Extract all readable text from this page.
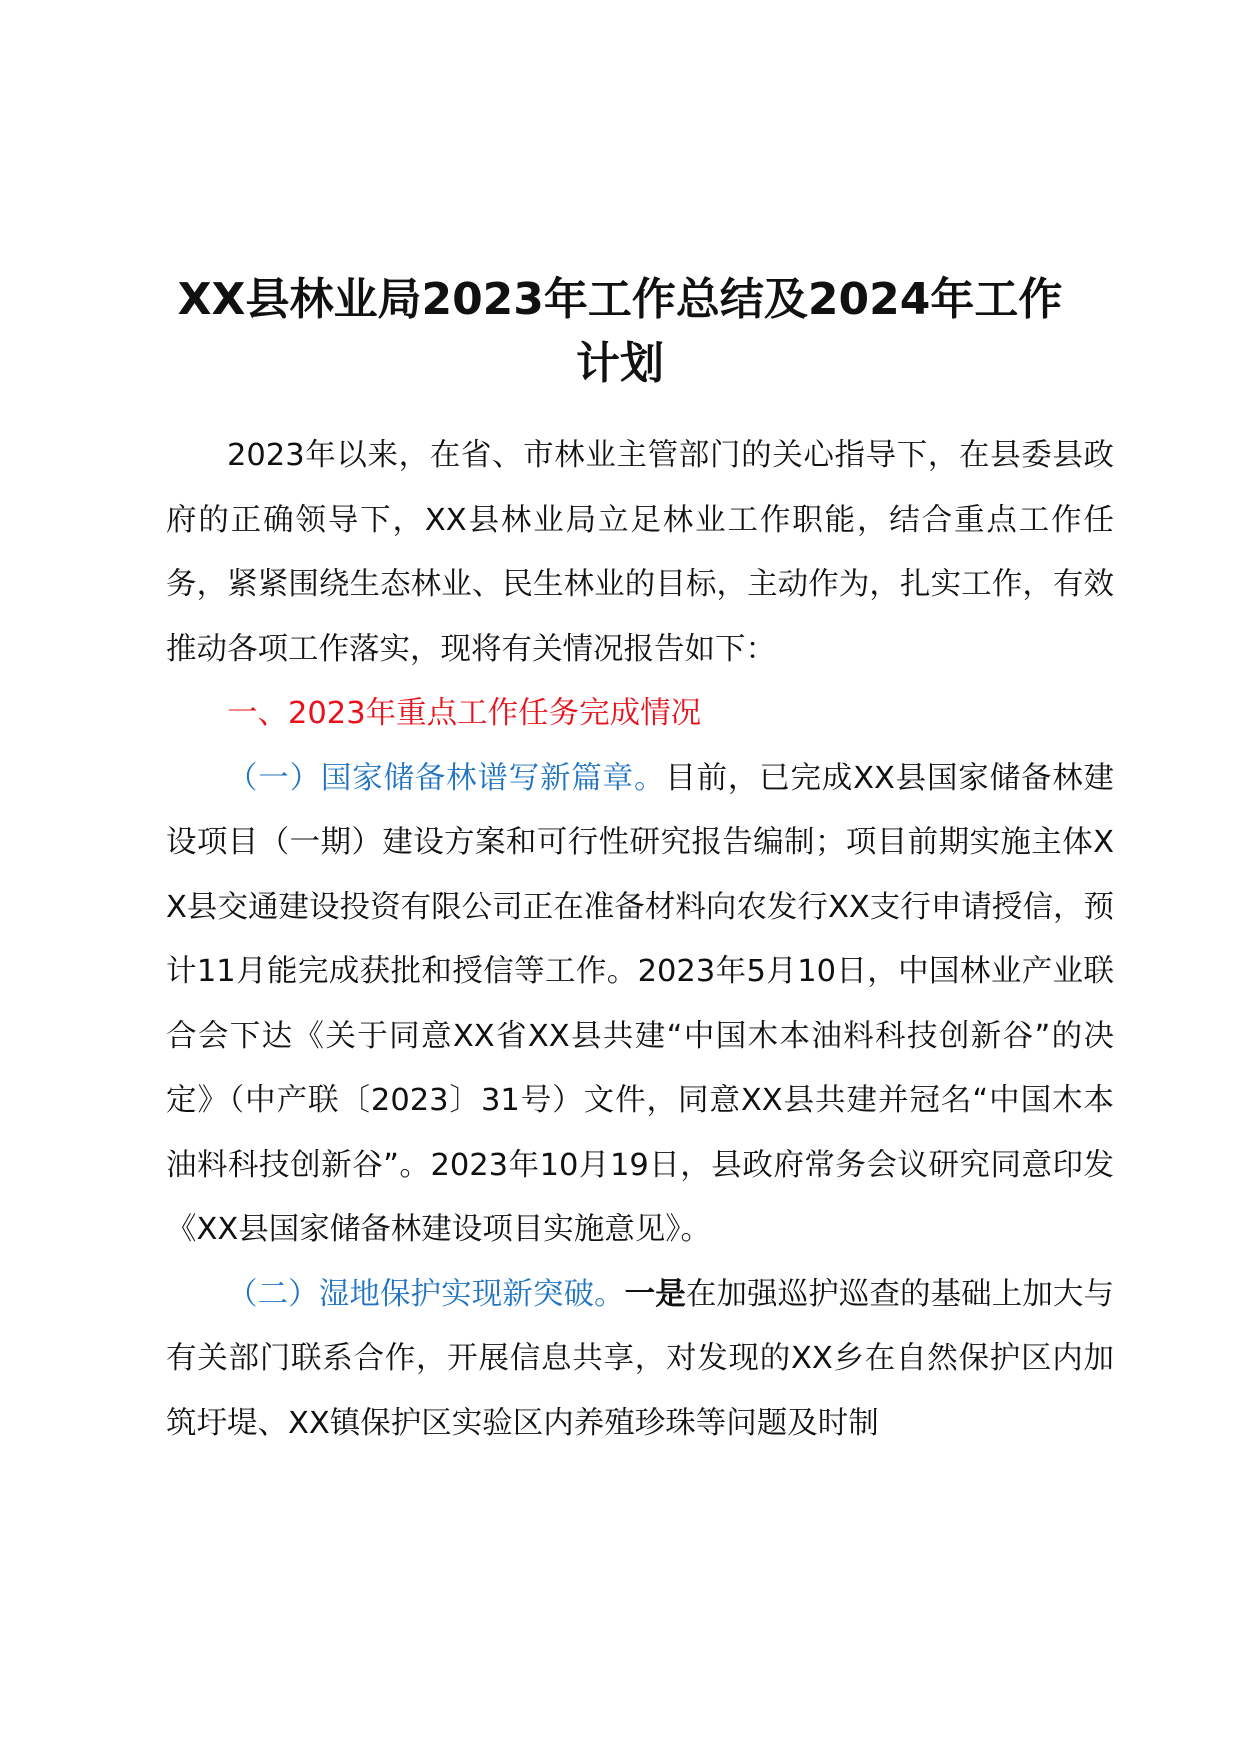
XX县林业局2023年工作总结及2024年工作
计划

2023年以来，在省、市林业主管部门的关心指导下，在县委县政府的正确领导下，XX县林业局立足林业工作职能，结合重点工作任务，紧紧围绕生态林业、民生林业的目标，主动作为，扎实工作，有效推动各项工作落实，现将有关情况报告如下：

一、2023年重点工作任务完成情况

（一）国家储备林谱写新篇章。目前，已完成XX县国家储备林建设项目（一期）建设方案和可行性研究报告编制；项目前期实施主体XX县交通建设投资有限公司正在准备材料向农发行XX支行申请授信，预计11月能完成获批和授信等工作。2023年5月10日，中国林业产业联合会下达《关于同意XX省XX县共建“中国木本油料科技创新谷”的决定》（中产联〔2023〕31号）文件，同意XX县共建并冠名“中国木本油料科技创新谷”。2023年10月19日，县政府常务会议研究同意印发《XX县国家储备林建设项目实施意见》。

（二）湿地保护实现新突破。一是在加强巡护巡查的基础上加大与有关部门联系合作，开展信息共享，对发现的XX乡在自然保护区内加筑圩堤、XX镇保护区实验区内养殖珍珠等问题及时制
